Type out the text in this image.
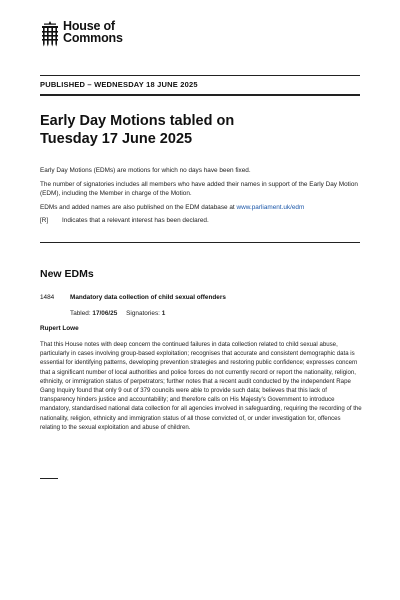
House of
Commons
PUBLISHED – WEDNESDAY 18 JUNE 2025
Early Day Motions tabled on
Tuesday 17 June 2025

Early Day Motions (EDMs) are motions for which no days have been fixed.

The number of signatories includes all members who have added their names in support of the Early Day Motion (EDM), including the Member in charge of the Motion.

EDMs and added names are also published on the EDM database at www.parliament.uk/edm

[R] Indicates that a relevant interest has been declared.

New EDMs
1484	Mandatory data collection of child sexual offenders
Tabled: 17/06/25 Signatories: 1
Rupert Lowe
That this House notes with deep concern the continued failures in data collection related to child sexual abuse, particularly in cases involving group-based exploitation; recognises that accurate and consistent demographic data is essential for identifying patterns, developing prevention strategies and restoring public confidence; expresses concern that a significant number of local authorities and police forces do not currently record or report the nationality, religion, ethnicity, or immigration status of perpetrators; further notes that a recent audit conducted by the independent Rape Gang Inquiry found that only 9 out of 379 councils were able to provide such data; believes that this lack of transparency hinders justice and accountability; and therefore calls on His Majesty’s Government to introduce mandatory, standardised national data collection for all agencies involved in safeguarding, requiring the recording of the nationality, religion, ethnicity and immigration status of all those convicted of, or under investigation for, offences relating to the sexual exploitation and abuse of children.
